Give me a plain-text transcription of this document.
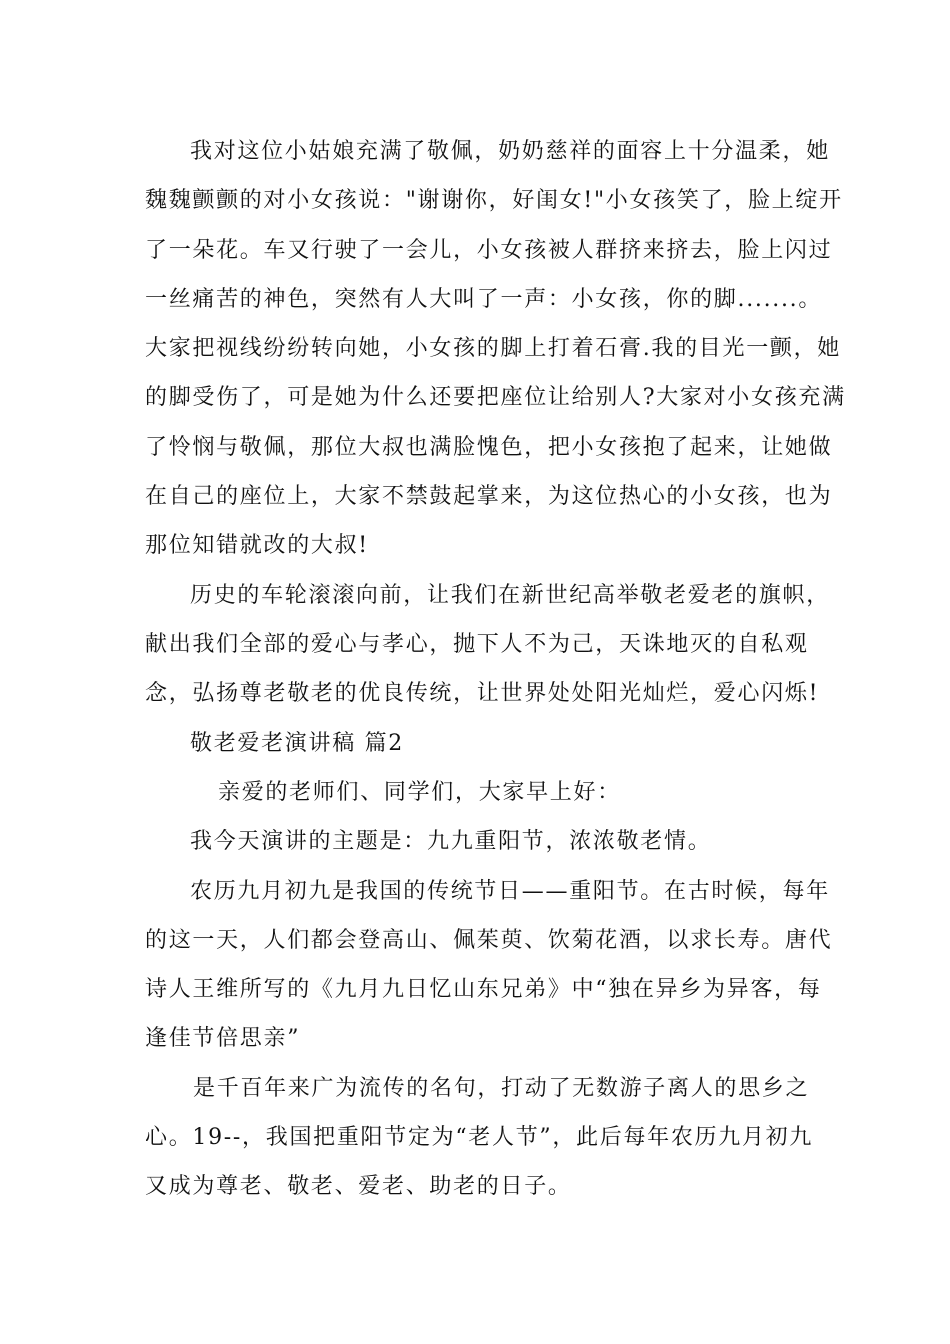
我对这位小姑娘充满了敬佩，奶奶慈祥的面容上十分温柔，她
魏魏颤颤的对小女孩说："谢谢你，好闺女!"小女孩笑了，脸上绽开
了一朵花。车又行驶了一会儿，小女孩被人群挤来挤去，脸上闪过
一丝痛苦的神色，突然有人大叫了一声：小女孩，你的脚.......。
大家把视线纷纷转向她，小女孩的脚上打着石膏.我的目光一颤，她
的脚受伤了，可是她为什么还要把座位让给别人?大家对小女孩充满
了怜悯与敬佩，那位大叔也满脸愧色，把小女孩抱了起来，让她做
在自己的座位上，大家不禁鼓起掌来，为这位热心的小女孩，也为
那位知错就改的大叔!
历史的车轮滚滚向前，让我们在新世纪高举敬老爱老的旗帜，
献出我们全部的爱心与孝心，抛下人不为己，天诛地灭的自私观
念，弘扬尊老敬老的优良传统，让世界处处阳光灿烂，爱心闪烁!
敬老爱老演讲稿 篇2
亲爱的老师们、同学们，大家早上好：
我今天演讲的主题是：九九重阳节，浓浓敬老情。
农历九月初九是我国的传统节日——重阳节。在古时候，每年
的这一天，人们都会登高山、佩茱萸、饮菊花酒，以求长寿。唐代
诗人王维所写的《九月九日忆山东兄弟》中“独在异乡为异客，每
逢佳节倍思亲”
是千百年来广为流传的名句，打动了无数游子离人的思乡之
心。19--，我国把重阳节定为“老人节”，此后每年农历九月初九
又成为尊老、敬老、爱老、助老的日子。
